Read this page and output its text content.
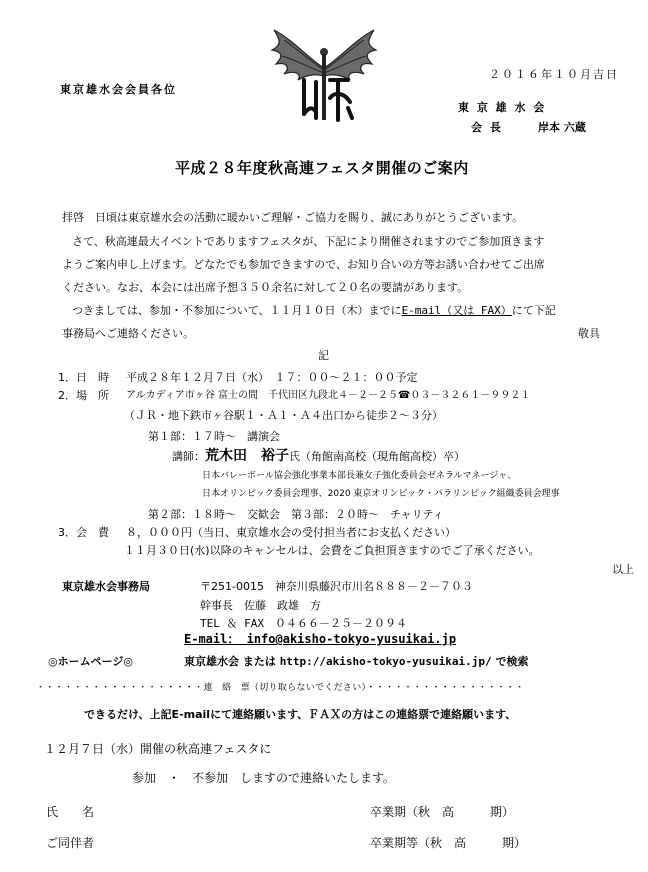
２０１６年１０月吉日
東京雄水会会員各位
東 京 雄 水 会
会 長	岸本 六蔵
平成２８年度秋高連フェスタ開催のご案内
拝啓　日頃は東京雄水会の活動に暖かいご理解・ご協力を賜り、誠にありがとうございます。
さて、秋高連最大イベントでありますフェスタが、下記により開催されますのでご参加頂きます
ようご案内申し上げます。どなたでも参加できますので、お知り合いの方等お誘い合わせてご出席
ください。なお、本会には出席予想３５０余名に対して２０名の要請があります。
つきましては、参加・不参加について、１１月１０日（木）までにE-mail（又は FAX）にて下記
事務局へご連絡ください。	敬具
記
1．日　時 平成２８年１２月７日（水）　１７：００～２１：００予定
2．場　所 アルカディア市ヶ谷 富士の間　千代田区九段北４－２－２５☎０３－３２６１－９９２１
（ＪＲ・地下鉄市ヶ谷駅１・Ａ１・Ａ４出口から徒歩２～３分）
第１部：１７時～　講演会
講師：荒木田　裕子氏（角館南高校（現角館高校）卒）
日本バレーボール協会強化事業本部長兼女子強化委員会ゼネラルマネージャ、
日本オリンピック委員会理事、2020 東京オリンピック・パラリンピック組織委員会理事
第２部：１８時～　交歓会　第３部：２０時～　チャリティ
3．会　費 ８，０００円（当日、東京雄水会の受付担当者にお支払ください）
１１月３０日(水)以降のキャンセルは、会費をご負担頂きますのでご了承ください。
以上
東京雄水会事務局	〒251-0015　神奈川県藤沢市川名８８８－２－７０３
幹事長　佐藤　政雄　方
TEL ＆ FAX　０４６６－２５－２０９４
E-mail： info@akisho-tokyo-yusuikai.jp
◎ホームページ◎	東京雄水会 または http://akisho-tokyo-yusuikai.jp/ で検索
・・・・・・・・・・・・・・・・・・連　絡　票（切り取らないでください）・・・・・・・・・・・・・・・・・
できるだけ、上記E-mailにて連絡願います、ＦＡＸの方はこの連絡票で連絡願います、
１２月７日（水）開催の秋高連フェスタに
参加　・　不参加　しますので連絡いたします。
氏　　名	卒業期（秋　高　　　期）
ご同伴者	卒業期等（秋　高　　　期）
